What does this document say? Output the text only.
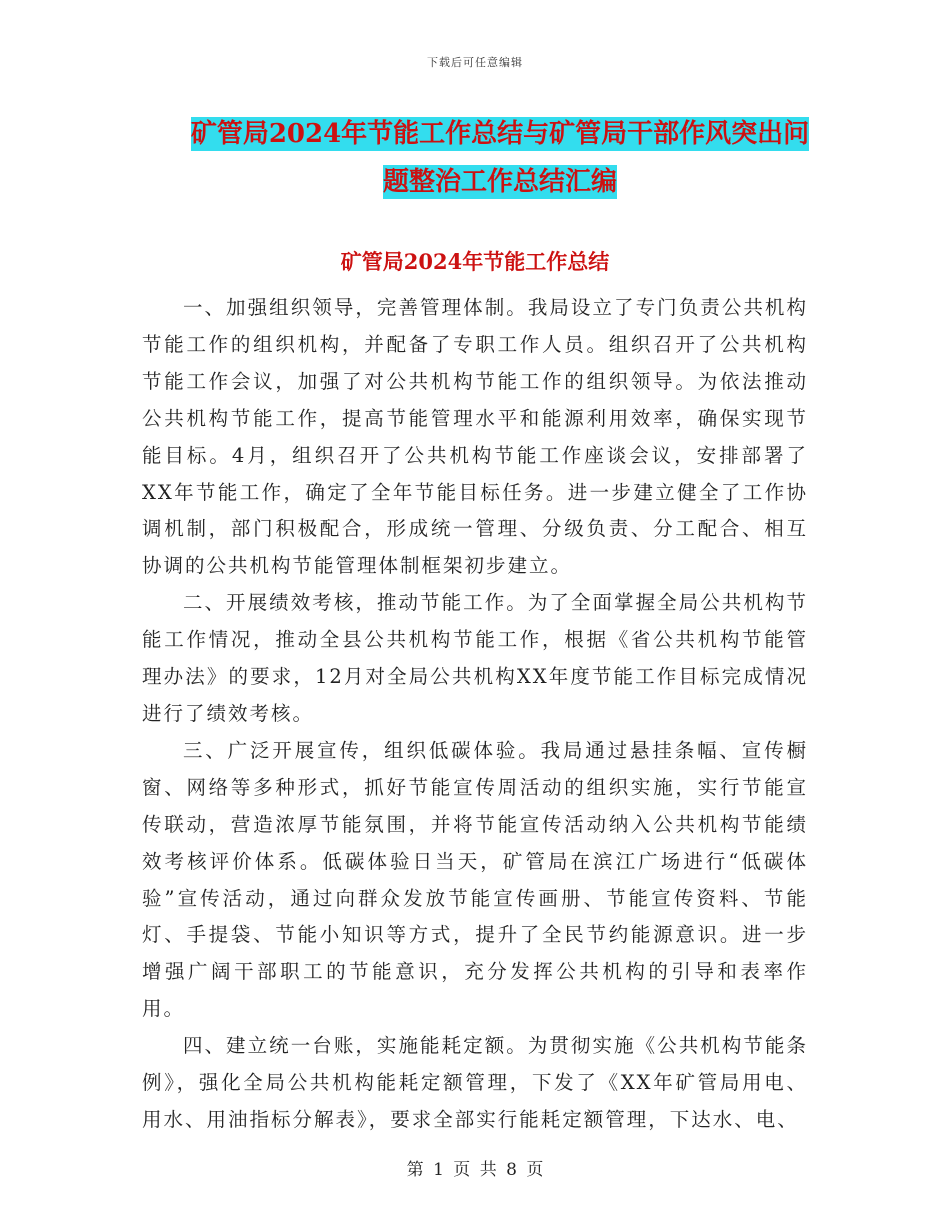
下载后可任意编辑
矿管局2024年节能工作总结与矿管局干部作风突出问
题整治工作总结汇编
矿管局2024年节能工作总结

一、加强组织领导，完善管理体制。我局设立了专门负责公共机构节能工作的组织机构，并配备了专职工作人员。组织召开了公共机构节能工作会议，加强了对公共机构节能工作的组织领导。为依法推动公共机构节能工作，提高节能管理水平和能源利用效率，确保实现节能目标。4月，组织召开了公共机构节能工作座谈会议，安排部署了XX年节能工作，确定了全年节能目标任务。进一步建立健全了工作协调机制，部门积极配合，形成统一管理、分级负责、分工配合、相互协调的公共机构节能管理体制框架初步建立。

二、开展绩效考核，推动节能工作。为了全面掌握全局公共机构节能工作情况，推动全县公共机构节能工作，根据《省公共机构节能管理办法》的要求，12月对全局公共机构XX年度节能工作目标完成情况进行了绩效考核。

三、广泛开展宣传，组织低碳体验。我局通过悬挂条幅、宣传橱窗、网络等多种形式，抓好节能宣传周活动的组织实施，实行节能宣传联动，营造浓厚节能氛围，并将节能宣传活动纳入公共机构节能绩效考核评价体系。低碳体验日当天，矿管局在滨江广场进行“低碳体验”宣传活动，通过向群众发放节能宣传画册、节能宣传资料、节能灯、手提袋、节能小知识等方式，提升了全民节约能源意识。进一步增强广阔干部职工的节能意识，充分发挥公共机构的引导和表率作用。

四、建立统一台账，实施能耗定额。为贯彻实施《公共机构节能条例》，强化全局公共机构能耗定额管理，下发了《XX年矿管局用电、用水、用油指标分解表》，要求全部实行能耗定额管理，下达水、电、

第 1 页 共 8 页
